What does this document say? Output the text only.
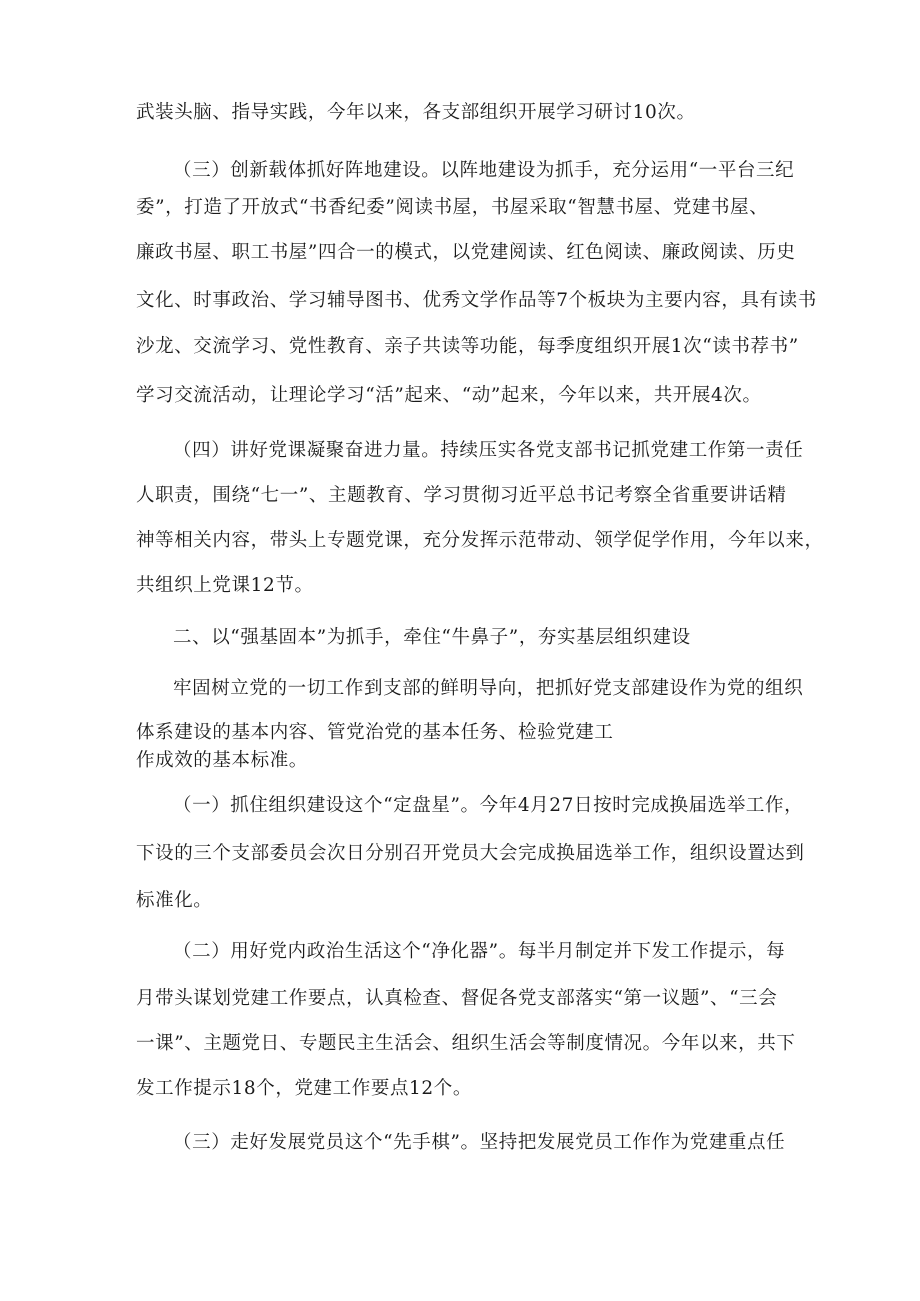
武装头脑、指导实践，今年以来，各支部组织开展学习研讨10次。
（三）创新载体抓好阵地建设。以阵地建设为抓手，充分运用“一平台三纪
委”，打造了开放式“书香纪委”阅读书屋，书屋采取“智慧书屋、党建书屋、
廉政书屋、职工书屋”四合一的模式，以党建阅读、红色阅读、廉政阅读、历史
文化、时事政治、学习辅导图书、优秀文学作品等7个板块为主要内容，具有读书
沙龙、交流学习、党性教育、亲子共读等功能，每季度组织开展1次“读书荐书”
学习交流活动，让理论学习“活”起来、“动”起来，今年以来，共开展4次。
（四）讲好党课凝聚奋进力量。持续压实各党支部书记抓党建工作第一责任
人职责，围绕“七一”、主题教育、学习贯彻习近平总书记考察全省重要讲话精
神等相关内容，带头上专题党课，充分发挥示范带动、领学促学作用，今年以来，
共组织上党课12节。
二、以“强基固本”为抓手，牵住“牛鼻子”，夯实基层组织建设
牢固树立党的一切工作到支部的鲜明导向，把抓好党支部建设作为党的组织
体系建设的基本内容、管党治党的基本任务、检验党建工
作成效的基本标准。
（一）抓住组织建设这个“定盘星”。今年4月27日按时完成换届选举工作，
下设的三个支部委员会次日分别召开党员大会完成换届选举工作，组织设置达到
标准化。
（二）用好党内政治生活这个“净化器”。每半月制定并下发工作提示，每
月带头谋划党建工作要点，认真检查、督促各党支部落实“第一议题”、“三会
一课”、主题党日、专题民主生活会、组织生活会等制度情况。今年以来，共下
发工作提示18个，党建工作要点12个。
（三）走好发展党员这个“先手棋”。坚持把发展党员工作作为党建重点任
